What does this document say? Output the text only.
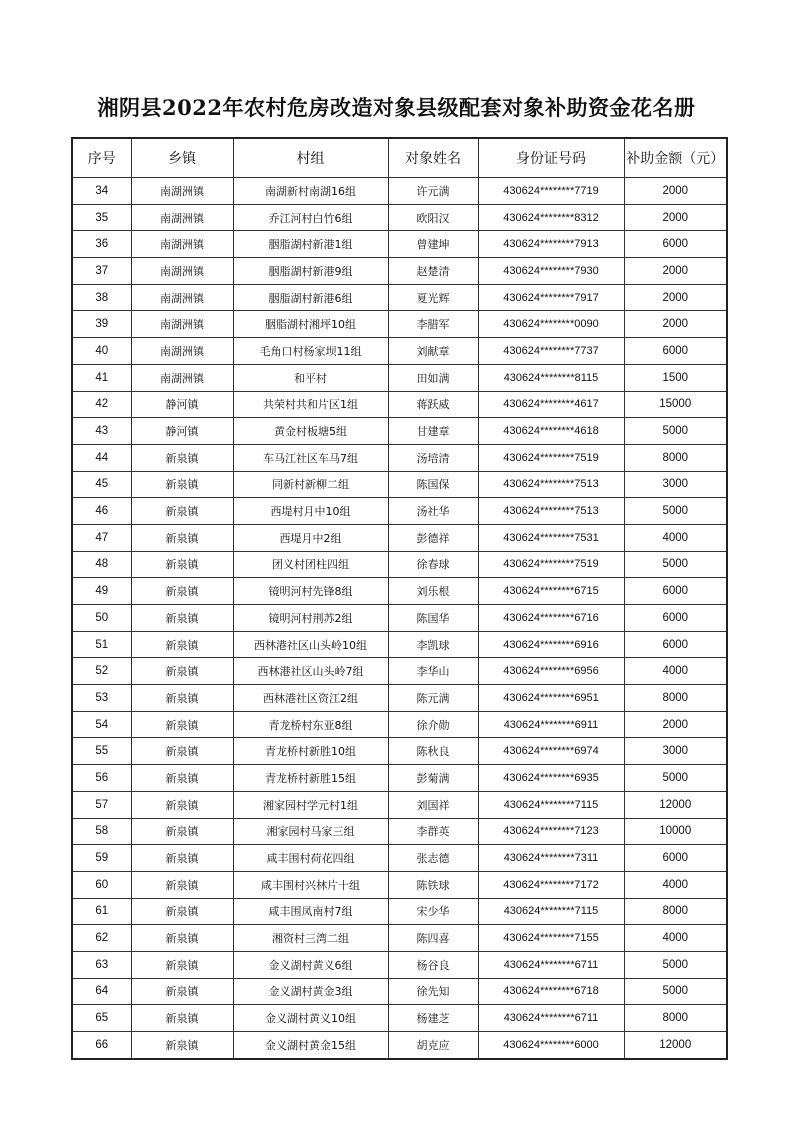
湘阴县2022年农村危房改造对象县级配套对象补助资金花名册
序号	乡镇	村组	对象姓名	身份证号码	补助金额（元）
34	南湖洲镇	南湖新村南湖16组	许元满	430624********7719	2000
35	南湖洲镇	乔江河村白竹6组	欧阳汉	430624********8312	2000
36	南湖洲镇	胭脂湖村新港1组	曾建坤	430624********7913	6000
37	南湖洲镇	胭脂湖村新港9组	赵楚清	430624********7930	2000
38	南湖洲镇	胭脂湖村新港6组	夏光辉	430624********7917	2000
39	南湖洲镇	胭脂湖村湘坪10组	李腊军	430624********0090	2000
40	南湖洲镇	毛角口村杨家坝11组	刘献章	430624********7737	6000
41	南湖洲镇	和平村	田如满	430624********8115	1500
42	静河镇	共荣村共和片区1组	蒋跃威	430624********4617	15000
43	静河镇	黄金村板塘5组	甘建章	430624********4618	5000
44	新泉镇	车马江社区车马7组	汤培清	430624********7519	8000
45	新泉镇	同新村新柳二组	陈国保	430624********7513	3000
46	新泉镇	西堤村月中10组	汤社华	430624********7513	5000
47	新泉镇	西堤月中2组	彭德祥	430624********7531	4000
48	新泉镇	团义村团柱四组	徐春球	430624********7519	5000
49	新泉镇	镜明河村先锋8组	刘乐根	430624********6715	6000
50	新泉镇	镜明河村荆苏2组	陈国华	430624********6716	6000
51	新泉镇	西林港社区山头岭10组	李凯球	430624********6916	6000
52	新泉镇	西林港社区山头岭7组	李华山	430624********6956	4000
53	新泉镇	西林港社区资江2组	陈元满	430624********6951	8000
54	新泉镇	青龙桥村东亚8组	徐介勋	430624********6911	2000
55	新泉镇	青龙桥村新胜10组	陈秋良	430624********6974	3000
56	新泉镇	青龙桥村新胜15组	彭菊满	430624********6935	5000
57	新泉镇	湘家园村学元村1组	刘国祥	430624********7115	12000
58	新泉镇	湘家园村马家三组	李群英	430624********7123	10000
59	新泉镇	咸丰围村荷花四组	张志德	430624********7311	6000
60	新泉镇	咸丰围村兴林片十组	陈铁球	430624********7172	4000
61	新泉镇	咸丰围凤南村7组	宋少华	430624********7115	8000
62	新泉镇	湘资村三湾二组	陈四喜	430624********7155	4000
63	新泉镇	金义湖村黄义6组	杨谷良	430624********6711	5000
64	新泉镇	金义湖村黄金3组	徐先知	430624********6718	5000
65	新泉镇	金义湖村黄义10组	杨建芝	430624********6711	8000
66	新泉镇	金义湖村黄金15组	胡克应	430624********6000	12000
